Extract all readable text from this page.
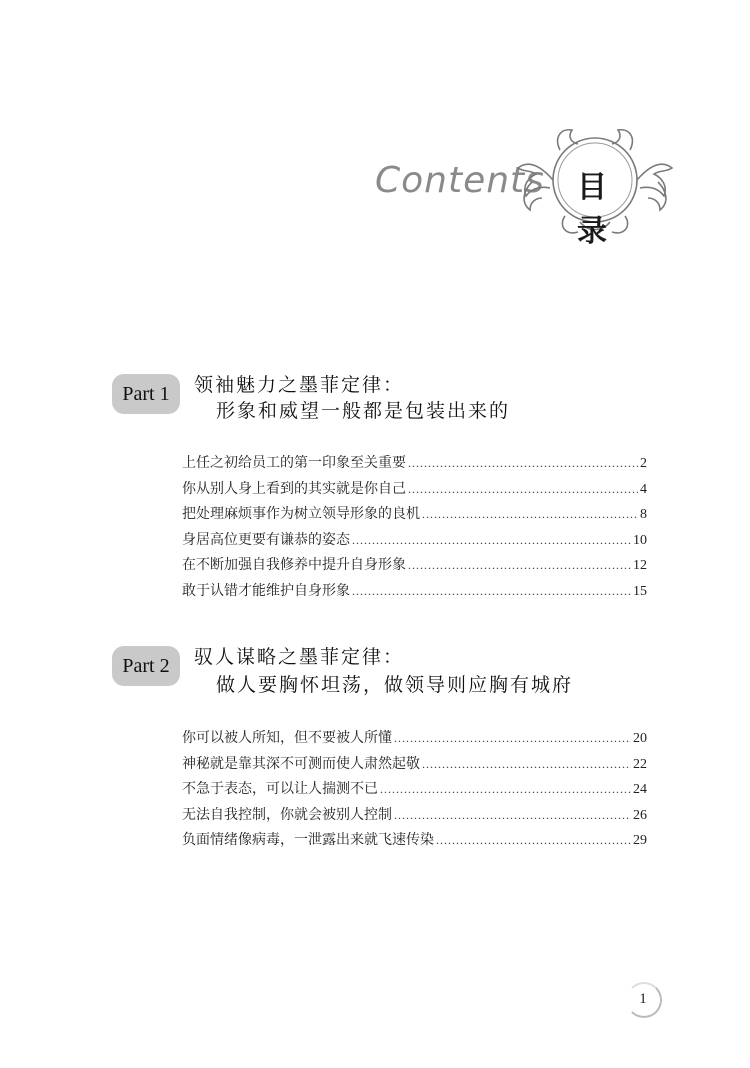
Contents	目 录
Part 1	领袖魅力之墨菲定律：
形象和威望一般都是包装出来的
上任之初给员工的第一印象至关重要 .....	2
你从别人身上看到的其实就是你自己 .....	4
把处理麻烦事作为树立领导形象的良机 .....	8
身居高位更要有谦恭的姿态 .....	10
在不断加强自我修养中提升自身形象 .....	12
敢于认错才能维护自身形象 .....	15
Part 2	驭人谋略之墨菲定律：
做人要胸怀坦荡，做领导则应胸有城府
你可以被人所知，但不要被人所懂 .....	20
神秘就是靠其深不可测而使人肃然起敬 .....	22
不急于表态，可以让人揣测不已 .....	24
无法自我控制，你就会被别人控制 .....	26
负面情绪像病毒，一泄露出来就飞速传染 .....	29
1
